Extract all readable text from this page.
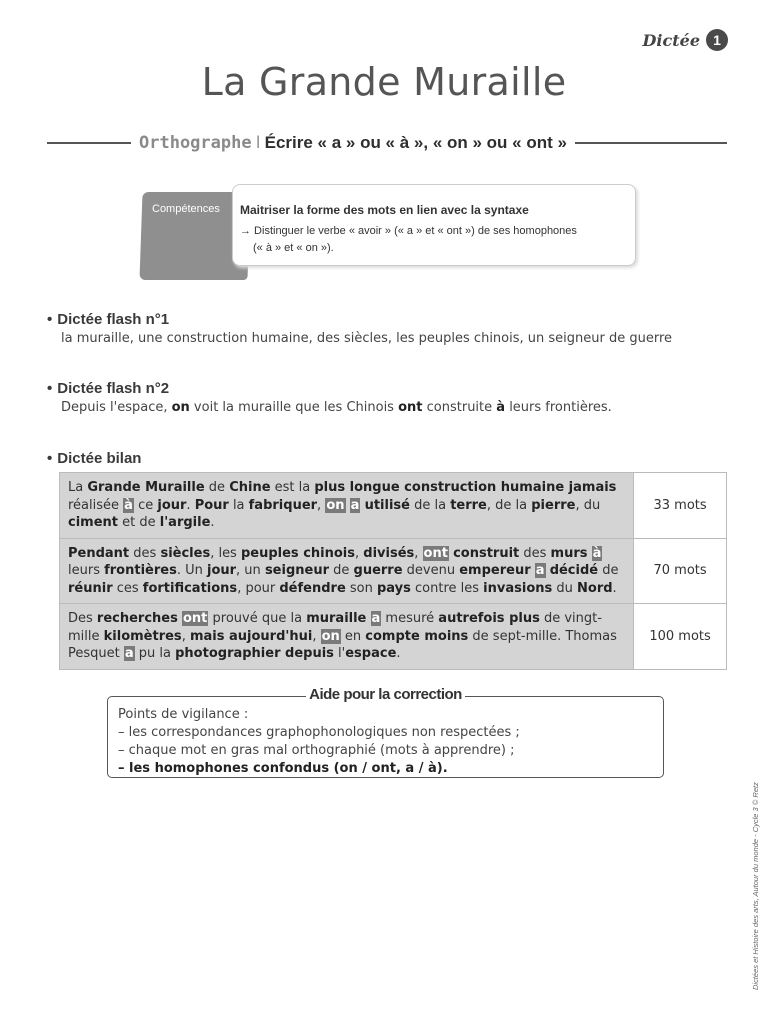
Dictée 1
La Grande Muraille
Orthographe I Écrire « a » ou « à », « on » ou « ont »
Compétences Maitriser la forme des mots en lien avec la syntaxe
→ Distinguer le verbe « avoir » (« a » et « ont ») de ses homophones
(« à » et « on »).
• Dictée flash n°1
la muraille, une construction humaine, des siècles, les peuples chinois, un seigneur de guerre
• Dictée flash n°2
Depuis l'espace, on voit la muraille que les Chinois ont construite à leurs frontières.
• Dictée bilan
La Grande Muraille de Chine est la plus longue construction humaine jamais réalisée à ce jour. Pour la fabriquer, on a utilisé de la terre, de la pierre, du ciment et de l'argile.
33 mots
Pendant des siècles, les peuples chinois, divisés, ont construit des murs à leurs frontières. Un jour, un seigneur de guerre devenu empereur a décidé de réunir ces fortifications, pour défendre son pays contre les invasions du Nord.
70 mots
Des recherches ont prouvé que la muraille a mesuré autrefois plus de vingt-mille kilomètres, mais aujourd'hui, on en compte moins de sept-mille. Thomas Pesquet a pu la photographier depuis l'espace.
100 mots
Aide pour la correction
Points de vigilance :
– les correspondances graphophonologiques non respectées ;
– chaque mot en gras mal orthographié (mots à apprendre) ;
– les homophones confondus (on / ont, a / à).
Dictées et Histoire des arts, Autour du monde - Cycle 3 © Retz
